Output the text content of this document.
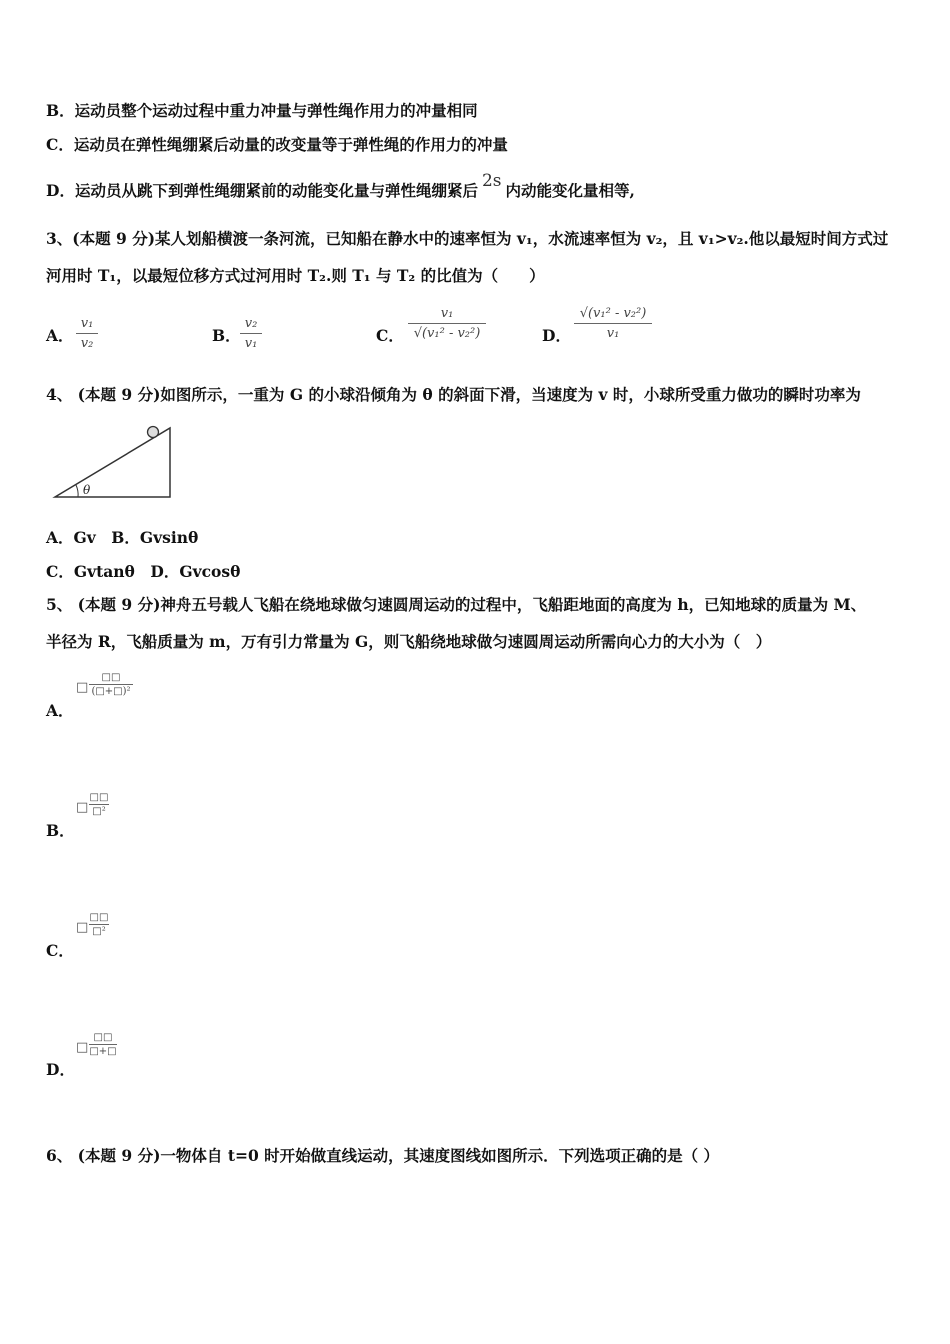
B．运动员整个运动过程中重力冲量与弹性绳作用力的冲量相同
C．运动员在弹性绳绷紧后动量的改变量等于弹性绳的作用力的冲量
D．运动员从跳下到弹性绳绷紧前的动能变化量与弹性绳绷紧后 2s 内动能变化量相等,
3、(本题 9 分)某人划船横渡一条河流，已知船在静水中的速率恒为 v₁，水流速率恒为 v₂，且 v₁>v₂.他以最短时间方式过
河用时 T₁，以最短位移方式过河用时 T₂.则 T₁ 与 T₂ 的比值为（　　）
A．
v₁
v₂	B．
v₂
v₁	C．
v₁
√(v₁² - v₂²)	D．
√(v₁² - v₂²)
v₁
4、 (本题 9 分)如图所示，一重为 G 的小球沿倾角为 θ 的斜面下滑，当速度为 v 时，小球所受重力做功的瞬时功率为
θ
A．Gv　B．Gvsinθ
C．Gvtanθ　D．Gvcosθ
5、 (本题 9 分)神舟五号载人飞船在绕地球做匀速圆周运动的过程中，飞船距地面的高度为 h，已知地球的质量为 M、
半径为 R，飞船质量为 m，万有引力常量为 G，则飞船绕地球做匀速圆周运动所需向心力的大小为（　）
□
□□
(□+□)²
A．
□
□□
□²
B．
□
□□
□²
C．
□
□□
□+□
D．
6、 (本题 9 分)一物体自 t=0 时开始做直线运动，其速度图线如图所示．下列选项正确的是（ ）
